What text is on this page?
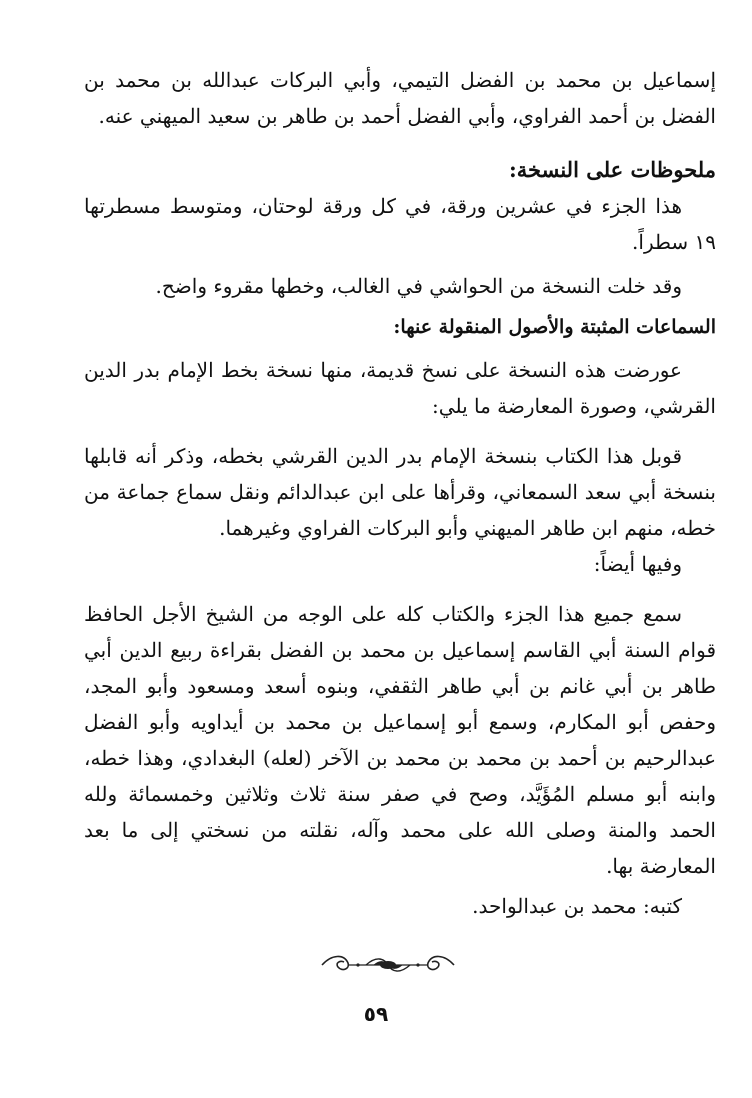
إسماعيل بن محمد بن الفضل التيمي، وأبي البركات عبدالله بن محمد بن الفضل بن أحمد الفراوي، وأبي الفضل أحمد بن طاهر بن سعيد الميهني عنه.

ملحوظات على النسخة:

هذا الجزء في عشرين ورقة، في كل ورقة لوحتان، ومتوسط مسطرتها ١٩ سطراً.

وقد خلت النسخة من الحواشي في الغالب، وخطها مقروء واضح.

السماعات المثبتة والأصول المنقولة عنها:

عورضت هذه النسخة على نسخ قديمة، منها نسخة بخط الإمام بدر الدين القرشي، وصورة المعارضة ما يلي:

قوبل هذا الكتاب بنسخة الإمام بدر الدين القرشي بخطه، وذكر أنه قابلها بنسخة أبي سعد السمعاني، وقرأها على ابن عبدالدائم ونقل سماع جماعة من خطه، منهم ابن طاهر الميهني وأبو البركات الفراوي وغيرهما.

وفيها أيضاً:

سمع جميع هذا الجزء والكتاب كله على الوجه من الشيخ الأجل الحافظ قوام السنة أبي القاسم إسماعيل بن محمد بن الفضل بقراءة ربيع الدين أبي طاهر بن أبي غانم بن أبي طاهر الثقفي، وبنوه أسعد ومسعود وأبو المجد، وحفص أبو المكارم، وسمع أبو إسماعيل بن محمد بن أيداويه وأبو الفضل عبدالرحيم بن أحمد بن محمد بن محمد بن الآخر (لعله) البغدادي، وهذا خطه، وابنه أبو مسلم المُؤَيَّد، وصح في صفر سنة ثلاث وثلاثين وخمسمائة ولله الحمد والمنة وصلى الله على محمد وآله، نقلته من نسختي إلى ما بعد المعارضة بها.

كتبه: محمد بن عبدالواحد.

٥٩
